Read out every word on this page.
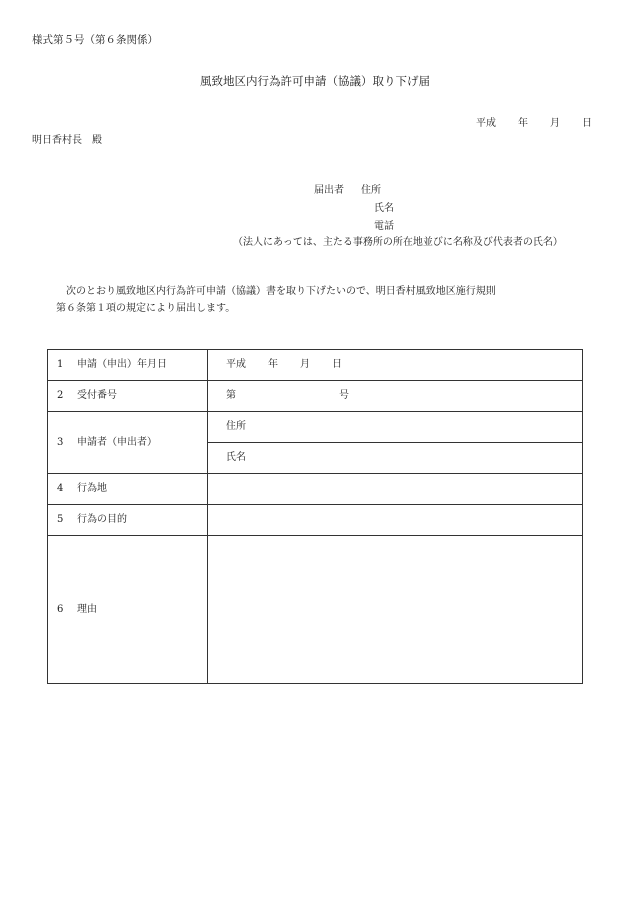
様式第５号（第６条関係）
風致地区内行為許可申請（協議）取り下げ届
平成 年 月 日
明日香村長　殿
届出者 住所
氏名
電話
（法人にあっては、主たる事務所の所在地並びに名称及び代表者の氏名）
次のとおり風致地区内行為許可申請（協議）書を取り下げたいので、明日香村風致地区施行規則
第６条第１項の規定により届出します。
1 申請（申出）年月日	平成 年 月 日
2 受付番号	第 号
3 申請者（申出者）	住所
	氏名
4 行為地	
5 行為の目的	
6 理由	
